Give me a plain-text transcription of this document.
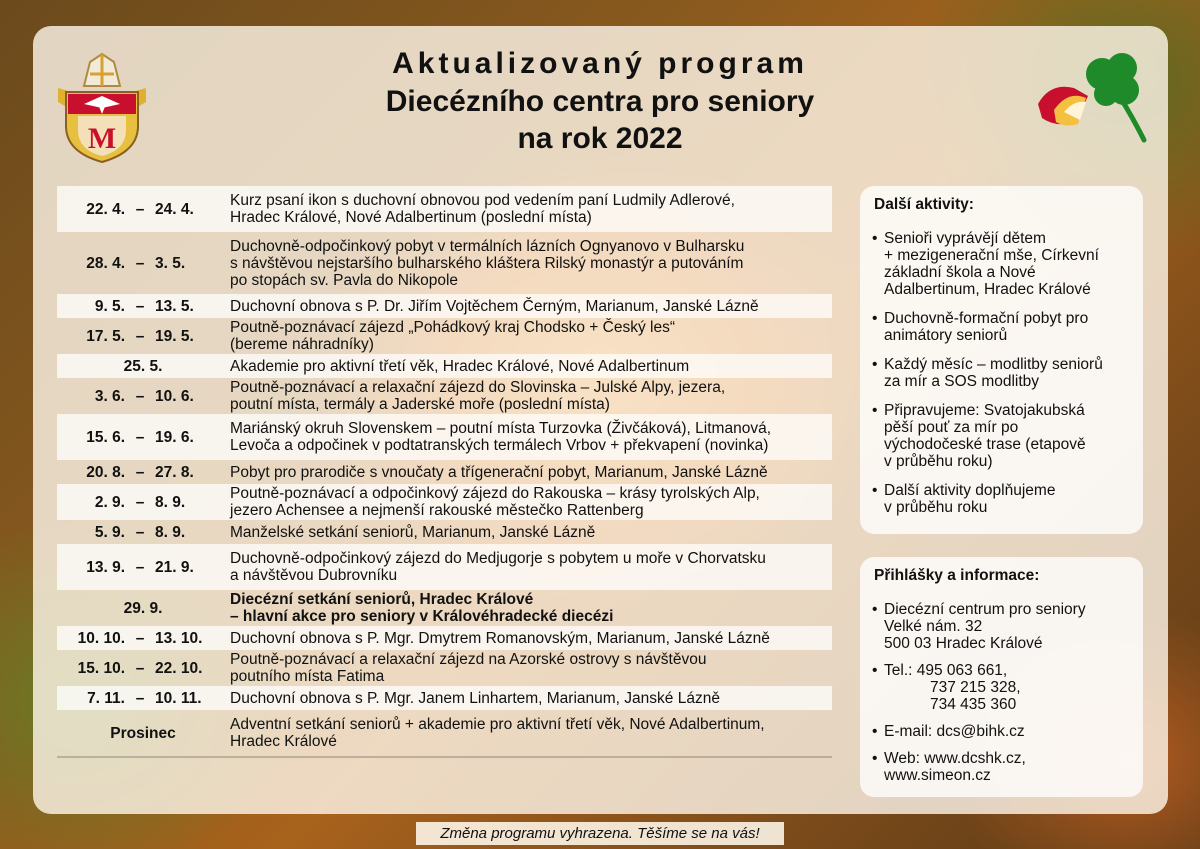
M
Aktualizovaný program
Diecézního centra pro seniory
na rok 2022
22. 4. – 24. 4.	Kurz psaní ikon s duchovní obnovou pod vedením paní Ludmily Adlerové,
Hradec Králové, Nové Adalbertinum (poslední místa)
28. 4. – 3. 5.
Duchovně-odpočinkový pobyt v termálních lázních Ognyanovo v Bulharsku
s návštěvou nejstaršího bulharského kláštera Rilský monastýr a putováním
po stopách sv. Pavla do Nikopole
9. 5. – 13. 5.	Duchovní obnova s P. Dr. Jiřím Vojtěchem Černým, Marianum, Janské Lázně
17. 5. – 19. 5.	Poutně-poznávací zájezd „Pohádkový kraj Chodsko + Český les“
(bereme náhradníky)
25. 5.	Akademie pro aktivní třetí věk, Hradec Králové, Nové Adalbertinum
3. 6. – 10. 6.	Poutně-poznávací a relaxační zájezd do Slovinska – Julské Alpy, jezera,
poutní místa, termály a Jaderské moře (poslední místa)
15. 6. – 19. 6.	Mariánský okruh Slovenskem – poutní místa Turzovka (Živčáková), Litmanová,
Levoča a odpočinek v podtatranských termálech Vrbov + překvapení (novinka)
20. 8. – 27. 8.	Pobyt pro prarodiče s vnoučaty a třígenerační pobyt, Marianum, Janské Lázně
2. 9. – 8. 9.	Poutně-poznávací a odpočinkový zájezd do Rakouska – krásy tyrolských Alp,
jezero Achensee a nejmenší rakouské městečko Rattenberg
5. 9. – 8. 9.	Manželské setkání seniorů, Marianum, Janské Lázně
13. 9. – 21. 9.	Duchovně-odpočinkový zájezd do Medjugorje s pobytem u moře v Chorvatsku
a návštěvou Dubrovníku
29. 9.	Diecézní setkání seniorů, Hradec Králové
– hlavní akce pro seniory v Královéhradecké diecézi
10. 10. – 13. 10.	Duchovní obnova s P. Mgr. Dmytrem Romanovským, Marianum, Janské Lázně
15. 10. – 22. 10.	Poutně-poznávací a relaxační zájezd na Azorské ostrovy s návštěvou
poutního místa Fatima
7. 11. – 10. 11.	Duchovní obnova s P. Mgr. Janem Linhartem, Marianum, Janské Lázně
Prosinec	Adventní setkání seniorů + akademie pro aktivní třetí věk, Nové Adalbertinum,
Hradec Králové
Další aktivity:
• Senioři vyprávějí dětem
+ mezigenerační mše, Církevní
základní škola a Nové
Adalbertinum, Hradec Králové
• Duchovně-formační pobyt pro
animátory seniorů
• Každý měsíc – modlitby seniorů
za mír a SOS modlitby
• Připravujeme: Svatojakubská
pěší pouť za mír po
východočeské trase (etapově
v průběhu roku)
• Další aktivity doplňujeme
v průběhu roku
Přihlášky a informace:
• Diecézní centrum pro seniory
Velké nám. 32
500 03 Hradec Králové
• Tel.: 495 063 661,
737 215 328,
734 435 360
• E-mail: dcs@bihk.cz
• Web: www.dcshk.cz,
www.simeon.cz
Změna programu vyhrazena. Těšíme se na vás!
